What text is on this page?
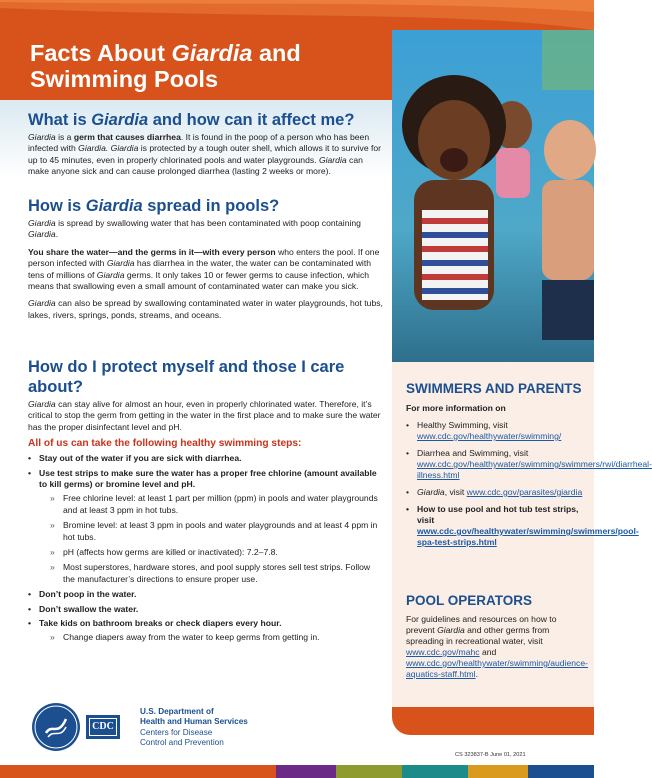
Facts About Giardia and
Swimming Pools
What is Giardia and how can it affect me?

Giardia is a germ that causes diarrhea. It is found in the poop of a person who has been infected with Giardia. Giardia is protected by a tough outer shell, which allows it to survive for up to 45 minutes, even in properly chlorinated pools and water playgrounds. Giardia can make anyone sick and can cause prolonged diarrhea (lasting 2 weeks or more).

How is Giardia spread in pools?

Giardia is spread by swallowing water that has been contaminated with poop containing Giardia.

You share the water—and the germs in it—with every person who enters the pool. If one person infected with Giardia has diarrhea in the water, the water can be contaminated with tens of millions of Giardia germs. It only takes 10 or fewer germs to cause infection, which means that swallowing even a small amount of contaminated water can make you sick.

Giardia can also be spread by swallowing contaminated water in water playgrounds, hot tubs, lakes, rivers, springs, ponds, streams, and oceans.

How do I protect myself and those I care about?

Giardia can stay alive for almost an hour, even in properly chlorinated water. Therefore, it’s critical to stop the germ from getting in the water in the first place and to make sure the water has the proper disinfectant level and pH.

All of us can take the following healthy swimming steps:
• Stay out of the water if you are sick with diarrhea.
• Use test strips to make sure the water has a proper free chlorine (amount available to kill germs) or bromine level and pH.
» Free chlorine level: at least 1 part per million (ppm) in pools and water playgrounds and at least 3 ppm in hot tubs.
» Bromine level: at least 3 ppm in pools and water playgrounds and at least 4 ppm in hot tubs.
» pH (affects how germs are killed or inactivated): 7.2–7.8.
» Most superstores, hardware stores, and pool supply stores sell test strips. Follow the manufacturer’s directions to ensure proper use.
• Don’t poop in the water.
• Don’t swallow the water.
• Take kids on bathroom breaks or check diapers every hour.
» Change diapers away from the water to keep germs from getting in.
SWIMMERS AND PARENTS
For more information on
• Healthy Swimming, visit www.cdc.gov/healthywater/swimming/
• Diarrhea and Swimming, visit www.cdc.gov/healthywater/swimming/swimmers/rwi/diarrheal-illness.html
• Giardia, visit www.cdc.gov/parasites/giardia
• How to use pool and hot tub test strips, visit www.cdc.gov/healthywater/swimming/swimmers/pool-spa-test-strips.html
POOL OPERATORS

For guidelines and resources on how to prevent Giardia and other germs from spreading in recreational water, visit www.cdc.gov/mahc and www.cdc.gov/healthywater/swimming/audience-aquatics-staff.html.

CDC
U.S. Department of
Health and Human Services
Centers for Disease
Control and Prevention
CS 323837-B June 01, 2021
